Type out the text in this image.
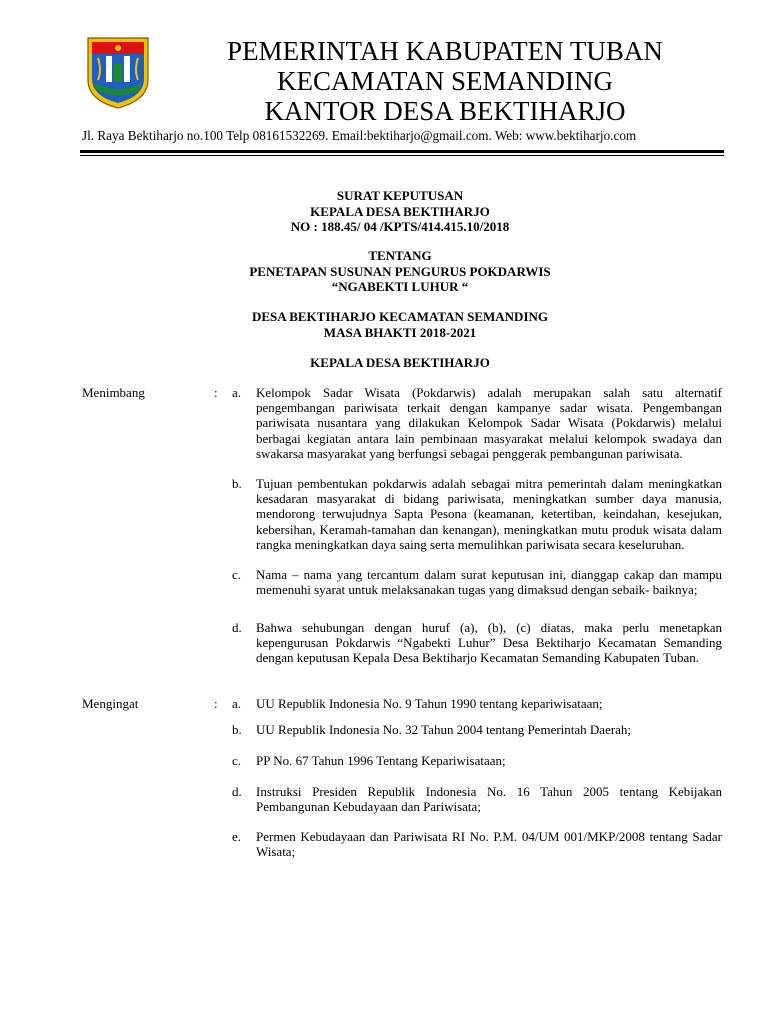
PEMERINTAH KABUPATEN TUBAN
KECAMATAN SEMANDING
KANTOR DESA BEKTIHARJO
Jl. Raya Bektiharjo no.100 Telp 08161532269. Email:bektiharjo@gmail.com. Web: www.bektiharjo.com
SURAT KEPUTUSAN
KEPALA DESA BEKTIHARJO
NO : 188.45/ 04 /KPTS/414.415.10/2018
TENTANG
PENETAPAN SUSUNAN PENGURUS POKDARWIS
“NGABEKTI LUHUR “
DESA BEKTIHARJO KECAMATAN SEMANDING
MASA BHAKTI 2018-2021
KEPALA DESA BEKTIHARJO
Menimbang	: a.	Kelompok Sadar Wisata (Pokdarwis) adalah merupakan salah satu alternatif pengembangan pariwisata terkait dengan kampanye sadar wisata. Pengembangan pariwisata nusantara yang dilakukan Kelompok Sadar Wisata (Pokdarwis) melalui berbagai kegiatan antara lain pembinaan masyarakat melalui kelompok swadaya dan swakarsa masyarakat yang berfungsi sebagai penggerak pembangunan pariwisata.
b.	Tujuan pembentukan pokdarwis adalah sebagai mitra pemerintah dalam meningkatkan kesadaran masyarakat di bidang pariwisata, meningkatkan sumber daya manusia, mendorong terwujudnya Sapta Pesona (keamanan, ketertiban, keindahan, kesejukan, kebersihan, Keramah-tamahan dan kenangan), meningkatkan mutu produk wisata dalam rangka meningkatkan daya saing serta memulihkan pariwisata secara keseluruhan.
c.	Nama – nama yang tercantum dalam surat keputusan ini, dianggap cakap dan mampu memenuhi syarat untuk melaksanakan tugas yang dimaksud dengan sebaik- baiknya;
d.	Bahwa sehubungan dengan huruf (a), (b), (c) diatas, maka perlu menetapkan kepengurusan Pokdarwis “Ngabekti Luhur” Desa Bektiharjo Kecamatan Semanding dengan keputusan Kepala Desa Bektiharjo Kecamatan Semanding Kabupaten Tuban.
Mengingat	: a.	UU Republik Indonesia No. 9 Tahun 1990 tentang kepariwisataan;
b.	UU Republik Indonesia No. 32 Tahun 2004 tentang Pemerintah Daerah;
c.	PP No. 67 Tahun 1996 Tentang Kepariwisataan;
d.	Instruksi Presiden Republik Indonesia No. 16 Tahun 2005 tentang Kebijakan Pembangunan Kebudayaan dan Pariwisata;
e.	Permen Kebudayaan dan Pariwisata RI No. P.M. 04/UM 001/MKP/2008 tentang Sadar Wisata;
